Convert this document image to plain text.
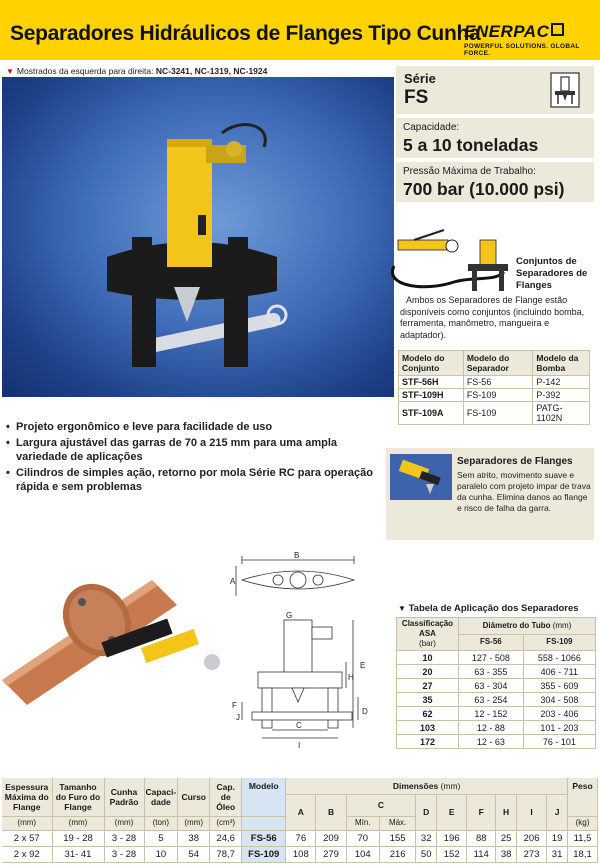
Separadores Hidráulicos de Flanges Tipo Cunha
ENERPAC
POWERFUL SOLUTIONS. GLOBAL FORCE.
▼ Mostrados da esquerda para direita: NC-3241, NC-1319, NC-1924	Série
FS
Capacidade:
5 a 10 toneladas
Pressão Máxima de Trabalho:
700 bar (10.000 psi)
Conjuntos de
Separadores de
Flanges
Ambos os Separadores de Flange estão disponíveis como conjuntos (incluindo bomba, ferramenta, manômetro, mangueira e adaptador).
Modelo do Conjunto	Modelo do Separador	Modelo da Bomba
STF-56H	FS-56	P-142
STF-109H	FS-109	P-392
STF-109A	FS-109	PATG-1102N
• Projeto ergonômico e leve para facilidade de uso
• Largura ajustável das garras de 70 a 215 mm para uma ampla variedade de aplicações
• Cilindros de simples ação, retorno por mola Série RC para operação rápida e sem problemas
Separadores de Flanges
Sem atrito, movimento suave e paralelo com projeto impar de trava da cunha. Elimina danos ao flange e risco de falha da garra.
B
A
E
H
D
F
J
C
I
G
▼ Tabela de Aplicação dos Separadores
Classificação ASA
(bar)	Diâmetro do Tubo (mm)	
	FS-56	FS-109
10	127 - 508	558 - 1066
20	63 - 355	406 - 711
27	63 - 304	355 - 609
35	63 - 254	304 - 508
62	12 - 152	203 - 406
103	12 - 88	101 - 203
172	12 - 63	76 - 101
Espessura Máxima do Flange	Tamanho do Furo do Flange	Cunha Padrão	Capaci-dade	Curso	Cap. de Óleo	Modelo	Dimensões (mm)										Peso
							A	B	C		D	E	F	H	I	J	
(mm)	(mm)	(mm)	(ton)	(mm)	(cm³)				Mín.	Máx.							(kg)
2 x 57	19 - 28	3 - 28	5	38	24,6	FS-56	76	209	70	155	32	196	88	25	206	19	11,5
2 x 92	31- 41	3 - 28	10	54	78,7	FS-109	108	279	104	216	50	152	114	38	273	31	18,1
